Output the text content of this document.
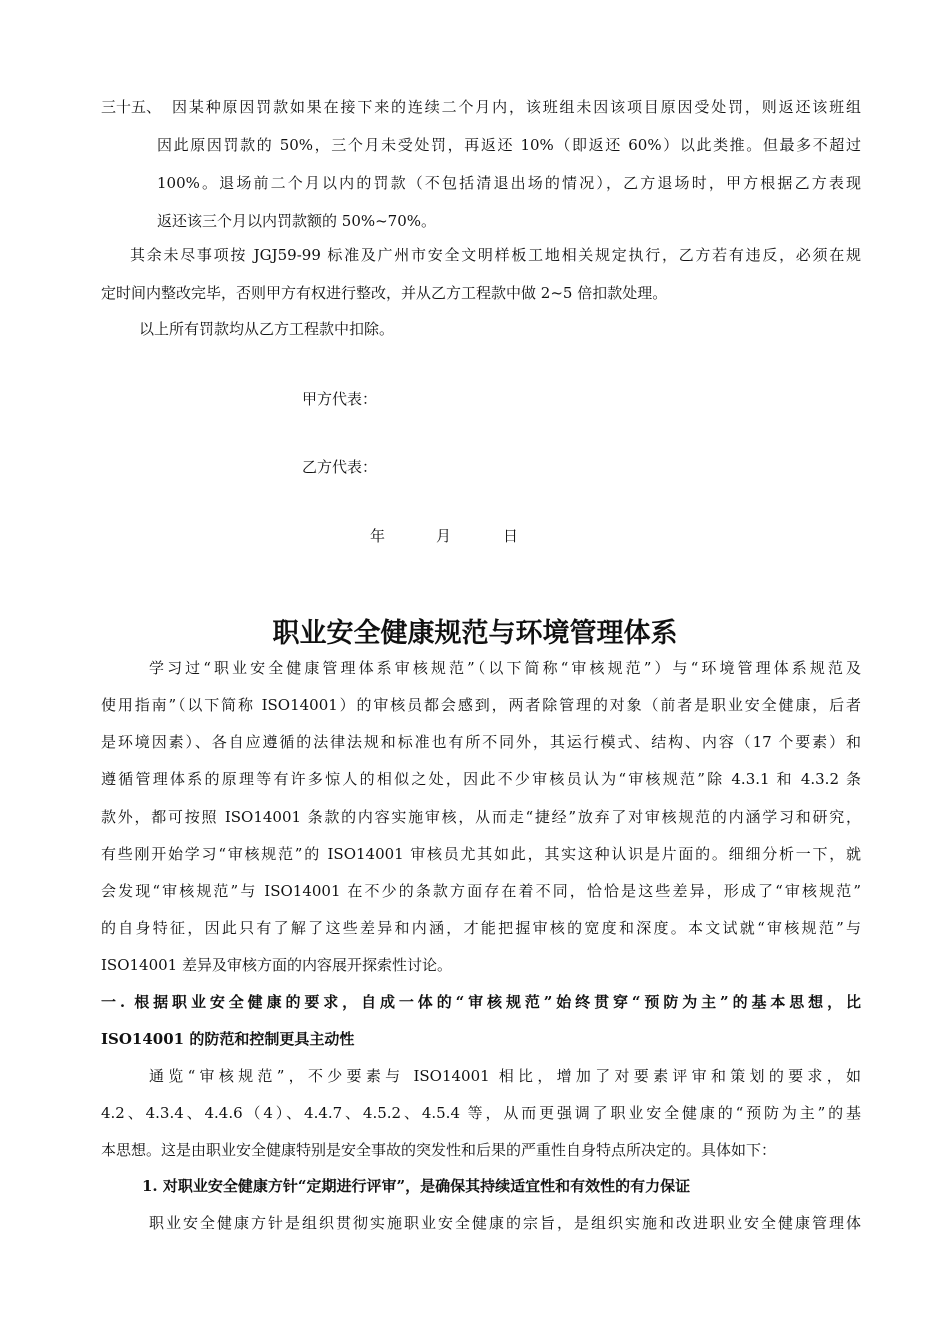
三十五、 因某种原因罚款如果在接下来的连续二个月内，该班组未因该项目原因受处罚，则返还该班组
因此原因罚款的 50%，三个月未受处罚，再返还 10%（即返还 60%）以此类推。但最多不超过
100%。退场前二个月以内的罚款（不包括清退出场的情况），乙方退场时，甲方根据乙方表现
返还该三个月以内罚款额的 50%~70%。
其余未尽事项按 JGJ59-99 标准及广州市安全文明样板工地相关规定执行，乙方若有违反，必须在规
定时间内整改完毕，否则甲方有权进行整改，并从乙方工程款中做 2~5 倍扣款处理。
以上所有罚款均从乙方工程款中扣除。
甲方代表：
乙方代表：
年	月	日
职业安全健康规范与环境管理体系
学习过“职业安全健康管理体系审核规范”（以下简称“审核规范”）与“环境管理体系规范及
使用指南”（以下简称 ISO14001）的审核员都会感到，两者除管理的对象（前者是职业安全健康，后者
是环境因素）、各自应遵循的法律法规和标准也有所不同外，其运行模式、结构、内容（17 个要素）和
遵循管理体系的原理等有许多惊人的相似之处，因此不少审核员认为“审核规范”除 4.3.1 和 4.3.2 条
款外，都可按照 ISO14001 条款的内容实施审核，从而走“捷经”放弃了对审核规范的内涵学习和研究，
有些刚开始学习“审核规范”的 ISO14001 审核员尤其如此，其实这种认识是片面的。细细分析一下，就
会发现“审核规范”与 ISO14001 在不少的条款方面存在着不同，恰恰是这些差异，形成了“审核规范”
的自身特征，因此只有了解了这些差异和内涵，才能把握审核的宽度和深度。本文试就“审核规范”与
ISO14001 差异及审核方面的内容展开探索性讨论。
一. 根据职业安全健康的要求，自成一体的“审核规范”始终贯穿“预防为主”的基本思想，比
ISO14001 的防范和控制更具主动性
通览“审核规范”，不少要素与 ISO14001 相比，增加了对要素评审和策划的要求，如
4.2、4.3.4、4.4.6（4）、4.4.7、4.5.2、4.5.4 等，从而更强调了职业安全健康的“预防为主”的基
本思想。这是由职业安全健康特别是安全事故的突发性和后果的严重性自身特点所决定的。具体如下：
1. 对职业安全健康方针“定期进行评审”，是确保其持续适宜性和有效性的有力保证
职业安全健康方针是组织贯彻实施职业安全健康的宗旨，是组织实施和改进职业安全健康管理体
